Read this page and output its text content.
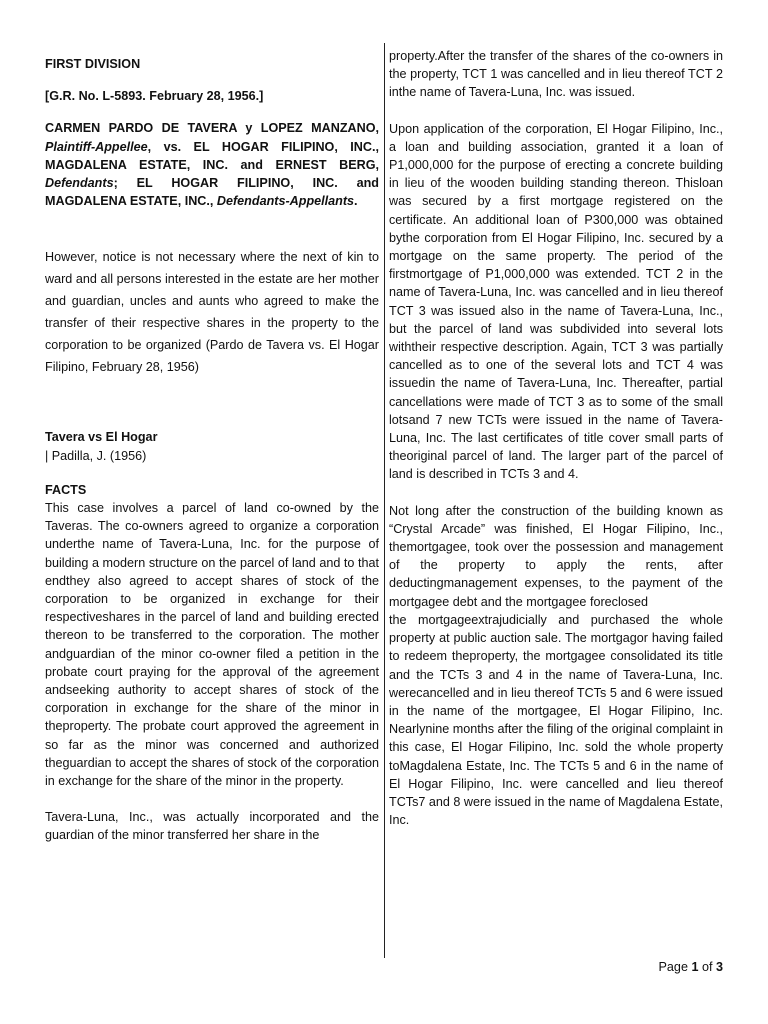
FIRST DIVISION

[G.R. No. L-5893. February 28, 1956.]

CARMEN PARDO DE TAVERA y LOPEZ MANZANO, Plaintiff-Appellee, vs. EL HOGAR FILIPINO, INC., MAGDALENA ESTATE, INC. and ERNEST BERG, Defendants; EL HOGAR FILIPINO, INC. and MAGDALENA ESTATE, INC., Defendants-Appellants.

However, notice is not necessary where the next of kin to ward and all persons interested in the estate are her mother and guardian, uncles and aunts who agreed to make the transfer of their respective shares in the property to the corporation to be organized (Pardo de Tavera vs. El Hogar Filipino, February 28, 1956)

Tavera vs El Hogar

| Padilla, J. (1956)

FACTS

This case involves a parcel of land co-owned by the Taveras. The co-owners agreed to organize a corporation underthe name of Tavera-Luna, Inc. for the purpose of building a modern structure on the parcel of land and to that endthey also agreed to accept shares of stock of the corporation to be organized in exchange for their respectiveshares in the parcel of land and building erected thereon to be transferred to the corporation. The mother andguardian of the minor co-owner filed a petition in the probate court praying for the approval of the agreement andseeking authority to accept shares of stock of the corporation in exchange for the share of the minor in theproperty. The probate court approved the agreement in so far as the minor was concerned and authorized theguardian to accept the shares of stock of the corporation in exchange for the share of the minor in the property.

Tavera-Luna, Inc., was actually incorporated and the guardian of the minor transferred her share in the

property.After the transfer of the shares of the co-owners in the property, TCT 1 was cancelled and in lieu thereof TCT 2 inthe name of Tavera-Luna, Inc. was issued.

Upon application of the corporation, El Hogar Filipino, Inc., a loan and building association, granted it a loan of P1,000,000 for the purpose of erecting a concrete building in lieu of the wooden building standing thereon. Thisloan was secured by a first mortgage registered on the certificate. An additional loan of P300,000 was obtained bythe corporation from El Hogar Filipino, Inc. secured by a mortgage on the same property. The period of the firstmortgage of P1,000,000 was extended. TCT 2 in the name of Tavera-Luna, Inc. was cancelled and in lieu thereof TCT 3 was issued also in the name of Tavera-Luna, Inc., but the parcel of land was subdivided into several lots withtheir respective description. Again, TCT 3 was partially cancelled as to one of the several lots and TCT 4 was issuedin the name of Tavera-Luna, Inc. Thereafter, partial cancellations were made of TCT 3 as to some of the small lotsand 7 new TCTs were issued in the name of Tavera-Luna, Inc. The last certificates of title cover small parts of theoriginal parcel of land. The larger part of the parcel of land is described in TCTs 3 and 4.

Not long after the construction of the building known as “Crystal Arcade” was finished, El Hogar Filipino, Inc., themortgagee, took over the possession and management of the property to apply the rents, after deductingmanagement expenses, to the payment of the mortgagee debt and the mortgagee foreclosed

the mortgageextrajudicially and purchased the whole property at public auction sale. The mortgagor having failed to redeem theproperty, the mortgagee consolidated its title and the TCTs 3 and 4 in the name of Tavera-Luna, Inc. werecancelled and in lieu thereof TCTs 5 and 6 were issued in the name of the mortgagee, El Hogar Filipino, Inc. Nearlynine months after the filing of the original complaint in this case, El Hogar Filipino, Inc. sold the whole property toMagdalena Estate, Inc. The TCTs 5 and 6 in the name of El Hogar Filipino, Inc. were cancelled and lieu thereof TCTs7 and 8 were issued in the name of Magdalena Estate, Inc.

Page 1 of 3
